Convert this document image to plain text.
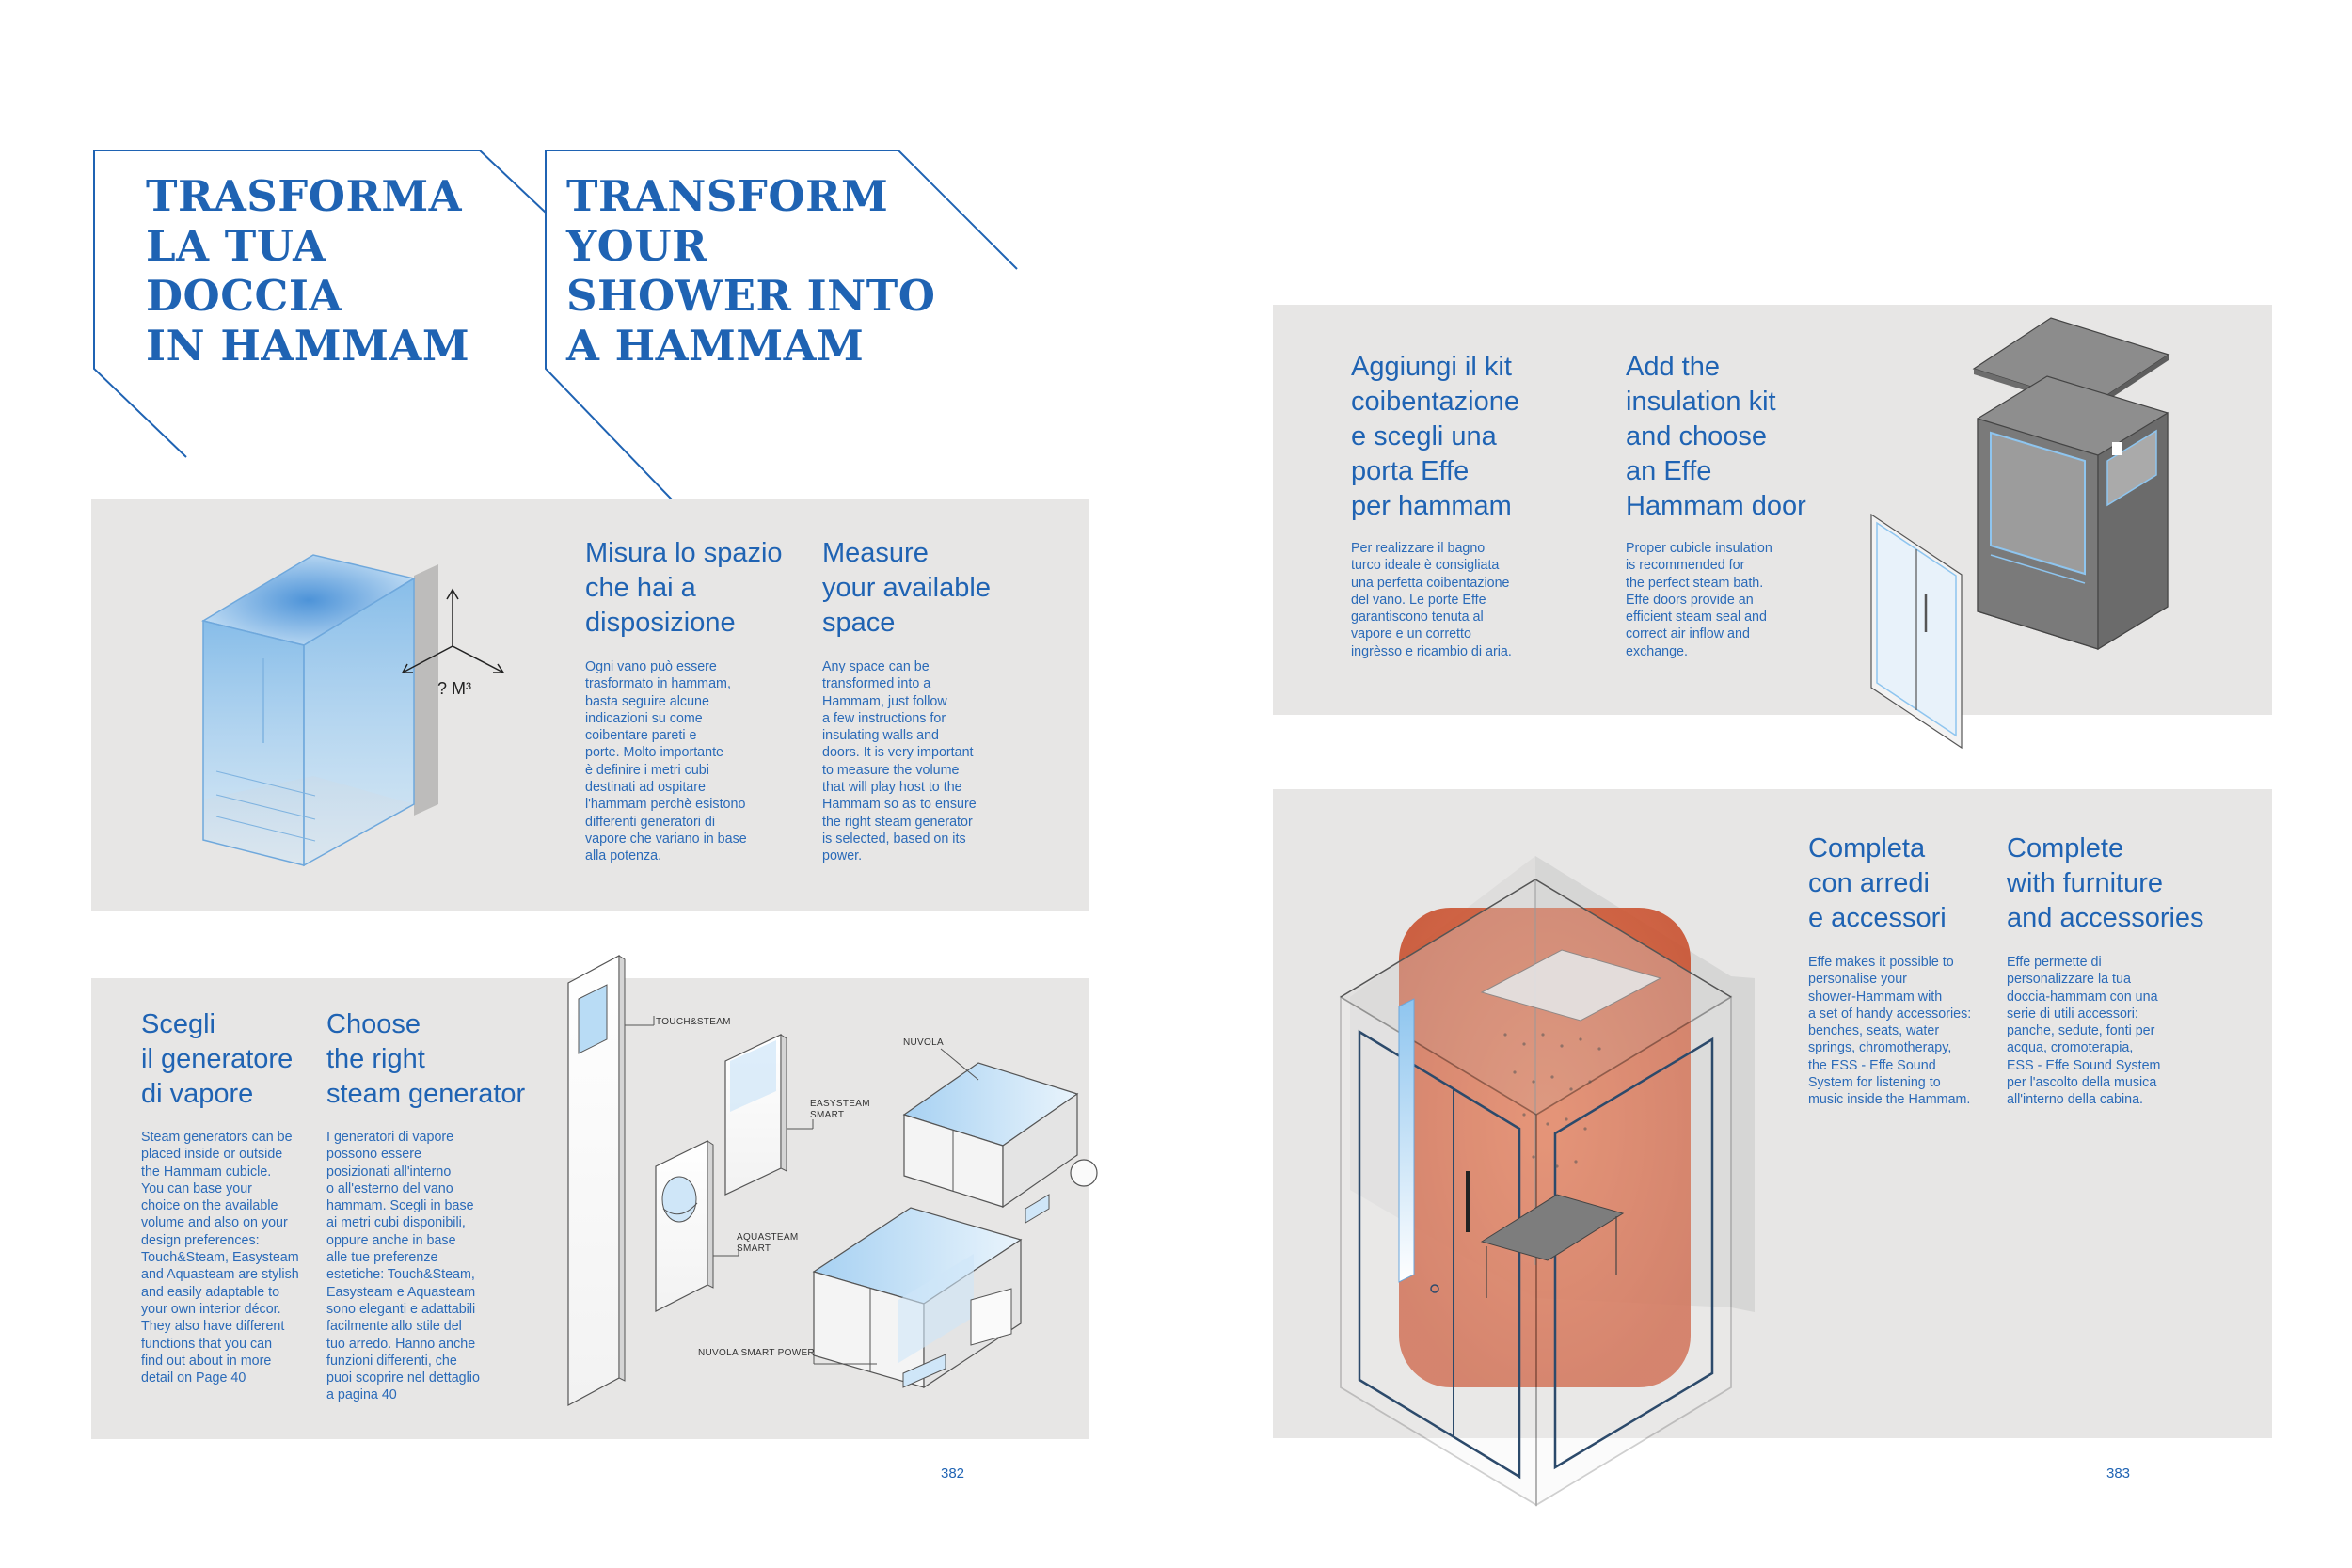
TRASFORMA
LA TUA
DOCCIA
IN HAMMAM
TRANSFORM
YOUR
SHOWER INTO
A HAMMAM
? M³
Misura lo spazio
che hai a
disposizione
Measure
your available
space

Ogni vano può essere
trasformato in hammam,
basta seguire alcune
indicazioni su come
coibentare pareti e
porte. Molto importante
è definire i metri cubi
destinati ad ospitare
l'hammam perchè esistono
differenti generatori di
vapore che variano in base
alla potenza.

Any space can be
transformed into a
Hammam, just follow
a few instructions for
insulating walls and
doors. It is very important
to measure the volume
that will play host to the
Hammam so as to ensure
the right steam generator
is selected, based on its
power.

Scegli
il generatore
di vapore
Choose
the right
steam generator

Steam generators can be
placed inside or outside
the Hammam cubicle.
You can base your
choice on the available
volume and also on your
design preferences:
Touch&Steam, Easysteam
and Aquasteam are stylish
and easily adaptable to
your own interior décor.
They also have different
functions that you can
find out about in more
detail on Page 40

I generatori di vapore
possono essere
posizionati all'interno
o all'esterno del vano
hammam. Scegli in base
ai metri cubi disponibili,
oppure anche in base
alle tue preferenze
estetiche: Touch&Steam,
Easysteam e Aquasteam
sono eleganti e adattabili
facilmente allo stile del
tuo arredo. Hanno anche
funzioni differenti, che
puoi scoprire nel dettaglio
a pagina 40

TOUCH&STEAM
EASYSTEAM
SMART
AQUASTEAM
SMART
NUVOLA
NUVOLA SMART POWER
382
Aggiungi il kit
coibentazione
e scegli una
porta Effe
per hammam
Add the
insulation kit
and choose
an Effe
Hammam door

Per realizzare il bagno
turco ideale è consigliata
una perfetta coibentazione
del vano. Le porte Effe
garantiscono tenuta al
vapore e un corretto
ingrèsso e ricambio di aria.

Proper cubicle insulation
is recommended for
the perfect steam bath.
Effe doors provide an
efficient steam seal and
correct air inflow and
exchange.

Completa
con arredi
e accessori
Complete
with furniture
and accessories

Effe makes it possible to
personalise your
shower-Hammam with
a set of handy accessories:
benches, seats, water
springs, chromotherapy,
the ESS - Effe Sound
System for listening to
music inside the Hammam.

Effe permette di
personalizzare la tua
doccia-hammam con una
serie di utili accessori:
panche, sedute, fonti per
acqua, cromoterapia,
ESS - Effe Sound System
per l'ascolto della musica
all'interno della cabina.

383
